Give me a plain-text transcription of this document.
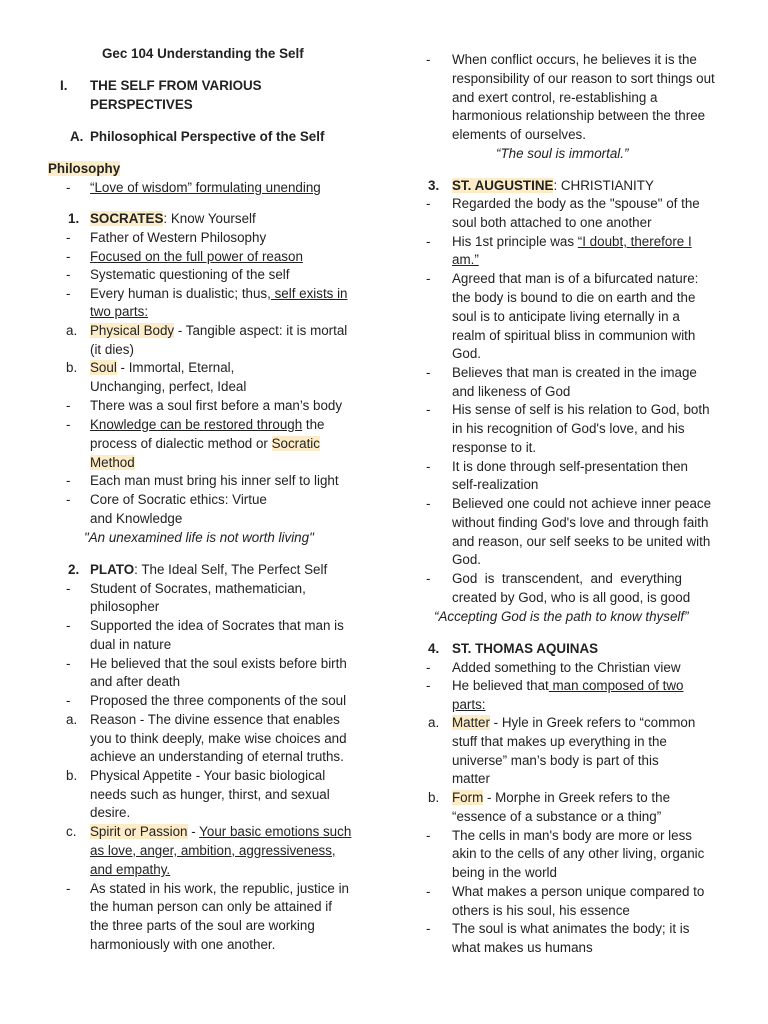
Gec 104 Understanding the Self
I.	THE SELF FROM VARIOUS
PERSPECTIVES
A. Philosophical Perspective of the Self
Philosophy
-	“Love of wisdom” formulating unending
1. SOCRATES: Know Yourself
-	Father of Western Philosophy
-	Focused on the full power of reason
-	Systematic questioning of the self
-	Every human is dualistic; thus, self exists in
two parts:
a. Physical Body - Tangible aspect: it is mortal
(it dies)
b. Soul - Immortal, Eternal,
Unchanging, perfect, Ideal
-	There was a soul first before a man’s body
-	Knowledge can be restored through the
process of dialectic method or Socratic
Method
-	Each man must bring his inner self to light
-	Core of Socratic ethics: Virtue
and Knowledge
"An unexamined life is not worth living"
2. PLATO: The Ideal Self, The Perfect Self
-	Student of Socrates, mathematician,
philosopher
-	Supported the idea of Socrates that man is
dual in nature
-	He believed that the soul exists before birth
and after death
-	Proposed the three components of the soul
a. Reason - The divine essence that enables
you to think deeply, make wise choices and
achieve an understanding of eternal truths.
b. Physical Appetite - Your basic biological
needs such as hunger, thirst, and sexual
desire.
c.	Spirit or Passion - Your basic emotions such
as love, anger, ambition, aggressiveness,
and empathy.
-	As stated in his work, the republic, justice in
the human person can only be attained if
the three parts of the soul are working
harmoniously with one another.
-	When conflict occurs, he believes it is the
responsibility of our reason to sort things out
and exert control, re-establishing a
harmonious relationship between the three
elements of ourselves.
“The soul is immortal.”
3. ST. AUGUSTINE: CHRISTIANITY
-	Regarded the body as the "spouse" of the
soul both attached to one another
-	His 1st principle was “I doubt, therefore I
am.”
-	Agreed that man is of a bifurcated nature:
the body is bound to die on earth and the
soul is to anticipate living eternally in a
realm of spiritual bliss in communion with
God.
-	Believes that man is created in the image
and likeness of God
-	His sense of self is his relation to God, both
in his recognition of God's love, and his
response to it.
-	It is done through self-presentation then
self-realization
-	Believed one could not achieve inner peace
without finding God's love and through faith
and reason, our self seeks to be united with
God.
-	God  is  transcendent,  and  everything
created by God, who is all good, is good
“Accepting God is the path to know thyself”
4. ST. THOMAS AQUINAS
-	Added something to the Christian view
-	He believed that man composed of two
parts:
a. Matter - Hyle in Greek refers to “common
stuff that makes up everything in the
universe” man’s body is part of this
matter
b. Form - Morphe in Greek refers to the
“essence of a substance or a thing”
-	The cells in man's body are more or less
akin to the cells of any other living, organic
being in the world
-	What makes a person unique compared to
others is his soul, his essence
-	The soul is what animates the body; it is
what makes us humans
